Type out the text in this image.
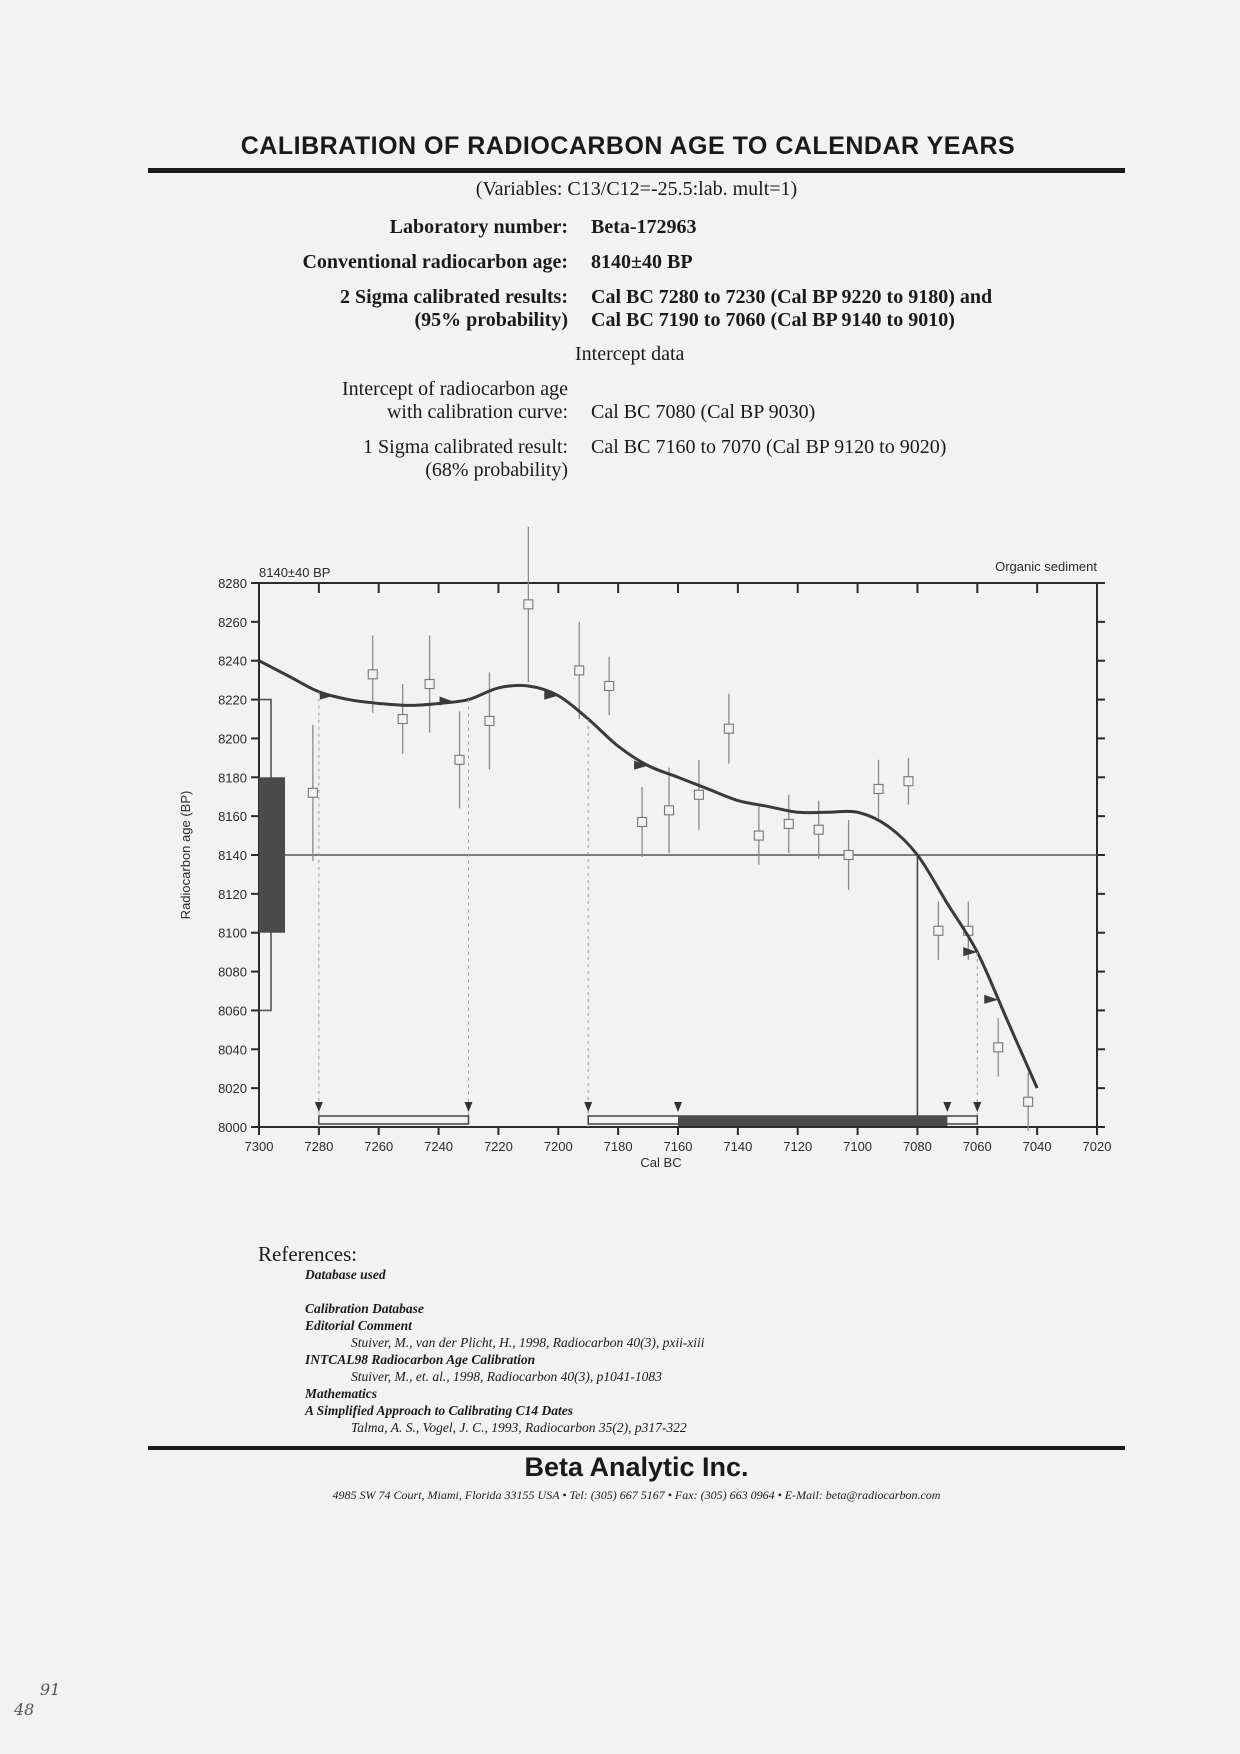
CALIBRATION OF RADIOCARBON AGE TO CALENDAR YEARS
(Variables: C13/C12=-25.5:lab. mult=1)
Laboratory number: Beta-172963
Conventional radiocarbon age: 8140±40 BP
2 Sigma calibrated results:
(95% probability)
Cal BC 7280 to 7230 (Cal BP 9220 to 9180) and
Cal BC 7190 to 7060 (Cal BP 9140 to 9010)
Intercept data
Intercept of radiocarbon age
with calibration curve: Cal BC 7080 (Cal BP 9030)
1 Sigma calibrated result:
(68% probability)
Cal BC 7160 to 7070 (Cal BP 9120 to 9020)
8280
8260
8240
8220
8200
8180
8160
8140
8120
8100
8080
8060
8040
8020
8000
7300 7280 7260 7240 7220 7200 7180 7160 7140 7120 7100 7080 7060 7040 7020
8140±40 BP	Organic sediment
Cal BC
Radiocarbon age (BP)
References:
Database used

Calibration Database
Editorial Comment
Stuiver, M., van der Plicht, H., 1998, Radiocarbon 40(3), pxii-xiii
INTCAL98 Radiocarbon Age Calibration
Stuiver, M., et. al., 1998, Radiocarbon 40(3), p1041-1083
Mathematics
A Simplified Approach to Calibrating C14 Dates
Talma, A. S., Vogel, J. C., 1993, Radiocarbon 35(2), p317-322
Beta Analytic Inc.
4985 SW 74 Court, Miami, Florida 33155 USA • Tel: (305) 667 5167 • Fax: (305) 663 0964 • E-Mail: beta@radiocarbon.com
91
48
